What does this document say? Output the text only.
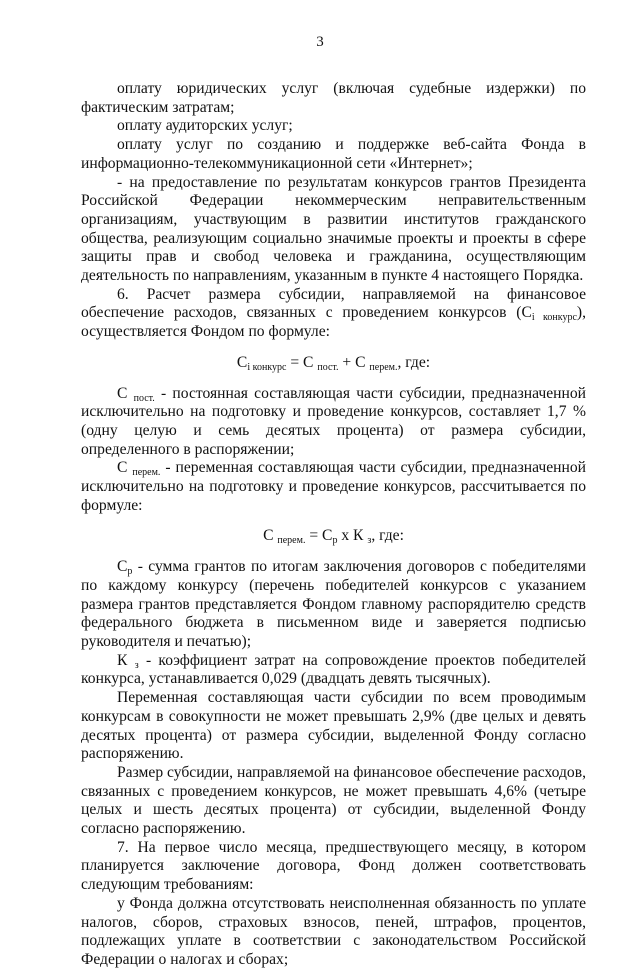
3

оплату юридических услуг (включая судебные издержки) по фактическим затратам;

оплату аудиторских услуг;

оплату услуг по созданию и поддержке веб-сайта Фонда в информационно-телекоммуникационной сети «Интернет»;

- на предоставление по результатам конкурсов грантов Президента Российской Федерации некоммерческим неправительственным организациям, участвующим в развитии институтов гражданского общества, реализующим социально значимые проекты и проекты в сфере защиты прав и свобод человека и гражданина, осуществляющим деятельность по направлениям, указанным в пункте 4 настоящего Порядка.

6. Расчет размера субсидии, направляемой на финансовое обеспечение расходов, связанных с проведением конкурсов $(C_{i конкурс})$, осуществляется Фондом по формуле:

$C_{i конкурс} = C$ $_{пост.}$ + C $_{перем.}$, где:

C $_{пост.}$ - постоянная составляющая части субсидии, предназначенной исключительно на подготовку и проведение конкурсов, составляет 1,7 % (одну целую и семь десятых процента) от размера субсидии, определенного в распоряжении;

C $_{перем.}$ - переменная составляющая части субсидии, предназначенной исключительно на подготовку и проведение конкурсов, рассчитывается по формуле:

C $_{перем.} = C_р$ х К $_з$, где:

$C_р$ - сумма грантов по итогам заключения договоров с победителями по каждому конкурсу (перечень победителей конкурсов с указанием размера грантов представляется Фондом главному распорядителю средств федерального бюджета в письменном виде и заверяется подписью руководителя и печатью);

К $_з$ - коэффициент затрат на сопровождение проектов победителей конкурса, устанавливается 0,029 (двадцать девять тысячных).

Переменная составляющая части субсидии по всем проводимым конкурсам в совокупности не может превышать 2,9% (две целых и девять десятых процента) от размера субсидии, выделенной Фонду согласно распоряжению.

Размер субсидии, направляемой на финансовое обеспечение расходов, связанных с проведением конкурсов, не может превышать 4,6% (четыре целых и шесть десятых процента) от субсидии, выделенной Фонду согласно распоряжению.

7. На первое число месяца, предшествующего месяцу, в котором планируется заключение договора, Фонд должен соответствовать следующим требованиям:

у Фонда должна отсутствовать неисполненная обязанность по уплате налогов, сборов, страховых взносов, пеней, штрафов, процентов, подлежащих уплате в соответствии с законодательством Российской Федерации о налогах и сборах;
